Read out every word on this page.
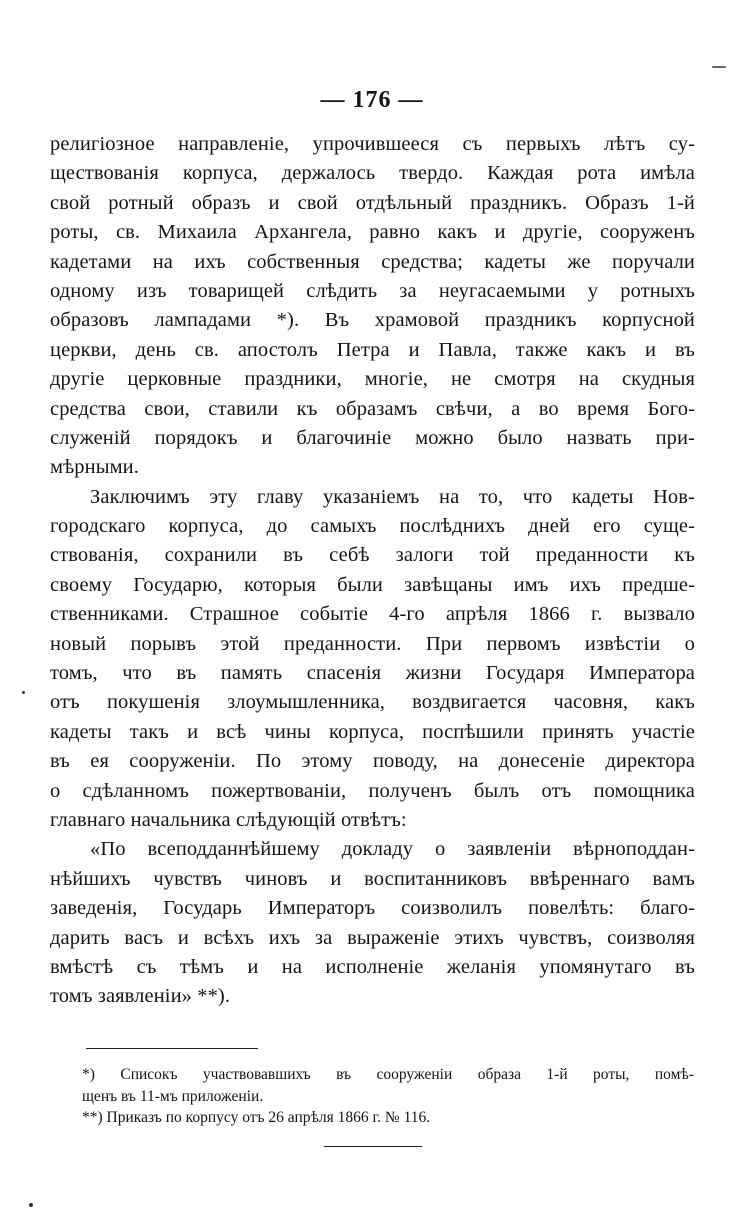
— 176 —
религіозное направленіе, упрочившееся съ первыхъ лѣтъ су-
ществованія корпуса, держалось твердо. Каждая рота имѣла
свой ротный образъ и свой отдѣльный праздникъ. Образъ 1-й
роты, св. Михаила Архангела, равно какъ и другіе, сооруженъ
кадетами на ихъ собственныя средства; кадеты же поручали
одному изъ товарищей слѣдить за неугасаемыми у ротныхъ
образовъ лампадами *). Въ храмовой праздникъ корпусной
церкви, день св. апостолъ Петра и Павла, также какъ и въ
другіе церковные праздники, многіе, не смотря на скудныя
средства свои, ставили къ образамъ свѣчи, а во время Бого-
служеній порядокъ и благочиніе можно было назвать при-
мѣрными.
Заключимъ эту главу указаніемъ на то, что кадеты Нов-
городскаго корпуса, до самыхъ послѣднихъ дней его суще-
ствованія, сохранили въ себѣ залоги той преданности къ
своему Государю, которыя были завѣщаны имъ ихъ предше-
ственниками. Страшное событіе 4-го апрѣля 1866 г. вызвало
новый порывъ этой преданности. При первомъ извѣстіи о
томъ, что въ память спасенія жизни Государя Императора
отъ покушенія злоумышленника, воздвигается часовня, какъ
кадеты такъ и всѣ чины корпуса, поспѣшили принять участіе
въ ея сооруженіи. По этому поводу, на донесеніе директора
о сдѣланномъ пожертвованіи, полученъ былъ отъ помощника
главнаго начальника слѣдующій отвѣтъ:
«По всеподданнѣйшему докладу о заявленіи вѣрноподдан-
нѣйшихъ чувствъ чиновъ и воспитанниковъ ввѣреннаго вамъ
заведенія, Государь Императоръ соизволилъ повелѣть: благо-
дарить васъ и всѣхъ ихъ за выраженіе этихъ чувствъ, соизволяя
вмѣстѣ съ тѣмъ и на исполненіе желанія упомянутаго въ
томъ заявленіи» **).
*) Списокъ участвовавшихъ въ сооруженіи образа 1-й роты, помѣ-
щенъ въ 11-мъ приложеніи.
**) Приказъ по корпусу отъ 26 апрѣля 1866 г. № 116.
